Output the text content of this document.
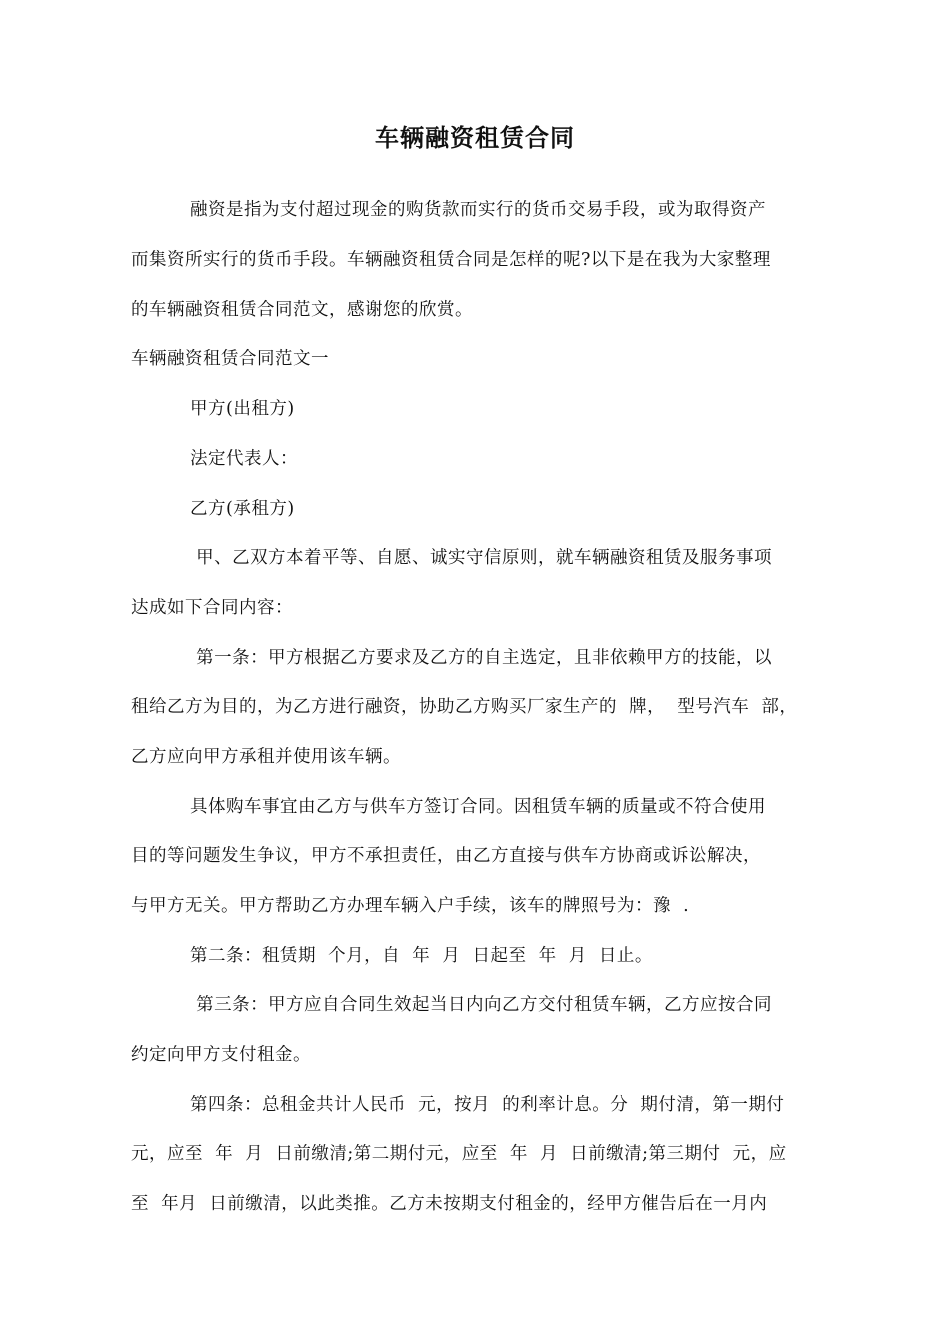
车辆融资租赁合同
融资是指为支付超过现金的购货款而实行的货币交易手段，或为取得资产
而集资所实行的货币手段。车辆融资租赁合同是怎样的呢?以下是在我为大家整理
的车辆融资租赁合同范文，感谢您的欣赏。
车辆融资租赁合同范文一
甲方(出租方)
法定代表人：
乙方(承租方)
甲、乙双方本着平等、自愿、诚实守信原则，就车辆融资租赁及服务事项
达成如下合同内容：
第一条：甲方根据乙方要求及乙方的自主选定，且非依赖甲方的技能，以
租给乙方为目的，为乙方进行融资，协助乙方购买厂家生产的  牌，  型号汽车  部，
乙方应向甲方承租并使用该车辆。
具体购车事宜由乙方与供车方签订合同。因租赁车辆的质量或不符合使用
目的等问题发生争议，甲方不承担责任，由乙方直接与供车方协商或诉讼解决，
与甲方无关。甲方帮助乙方办理车辆入户手续，该车的牌照号为：豫  .
第二条：租赁期  个月，自  年  月  日起至  年  月  日止。
第三条：甲方应自合同生效起当日内向乙方交付租赁车辆，乙方应按合同
约定向甲方支付租金。
第四条：总租金共计人民币  元，按月  的利率计息。分  期付清，第一期付
元，应至  年  月  日前缴清;第二期付元，应至  年  月  日前缴清;第三期付  元，应
至  年月  日前缴清，以此类推。乙方未按期支付租金的，经甲方催告后在一月内
